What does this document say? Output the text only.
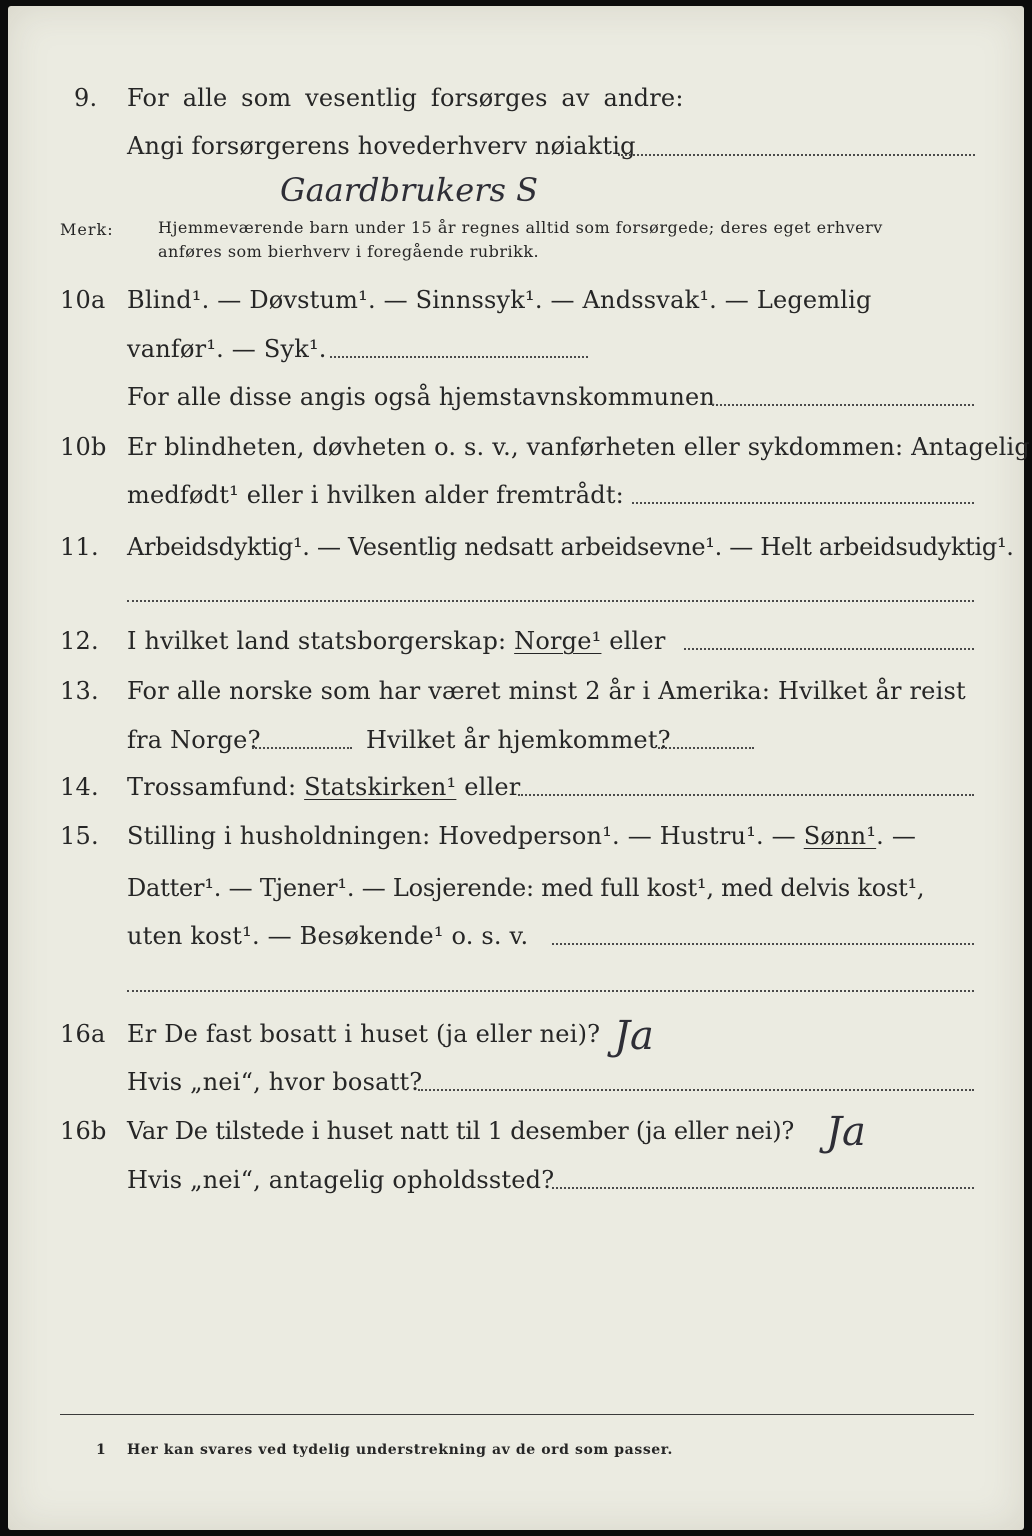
9. For alle som vesentlig forsørges av andre:
Angi forsørgerens hovederhverv nøiaktig
Gaardbrukers S
Merk:	Hjemmeværende barn under 15 år regnes alltid som forsørgede; deres eget erhverv
anføres som bierhverv i foregående rubrikk.
10a Blind¹. — Døvstum¹. — Sinnssyk¹. — Andssvak¹. — Legemlig
vanfør¹. — Syk¹.
For alle disse angis også hjemstavnskommunen
10b Er blindheten, døvheten o. s. v., vanførheten eller sykdommen: Antagelig
medfødt¹ eller i hvilken alder fremtrådt:
11. Arbeidsdyktig¹. — Vesentlig nedsatt arbeidsevne¹. — Helt arbeidsudyktig¹.
12. I hvilket land statsborgerskap: Norge¹ eller
13. For alle norske som har været minst 2 år i Amerika: Hvilket år reist
fra Norge?	Hvilket år hjemkommet?
14. Trossamfund: Statskirken¹ eller
15. Stilling i husholdningen: Hovedperson¹. — Hustru¹. — Sønn¹. —
Datter¹. — Tjener¹. — Losjerende: med full kost¹, med delvis kost¹,
uten kost¹. — Besøkende¹ o. s. v.
16a Er De fast bosatt i huset (ja eller nei)? Ja
Hvis „nei“, hvor bosatt?
16b Var De tilstede i huset natt til 1 desember (ja eller nei)? Ja
Hvis „nei“, antagelig opholdssted?
1 Her kan svares ved tydelig understrekning av de ord som passer.
